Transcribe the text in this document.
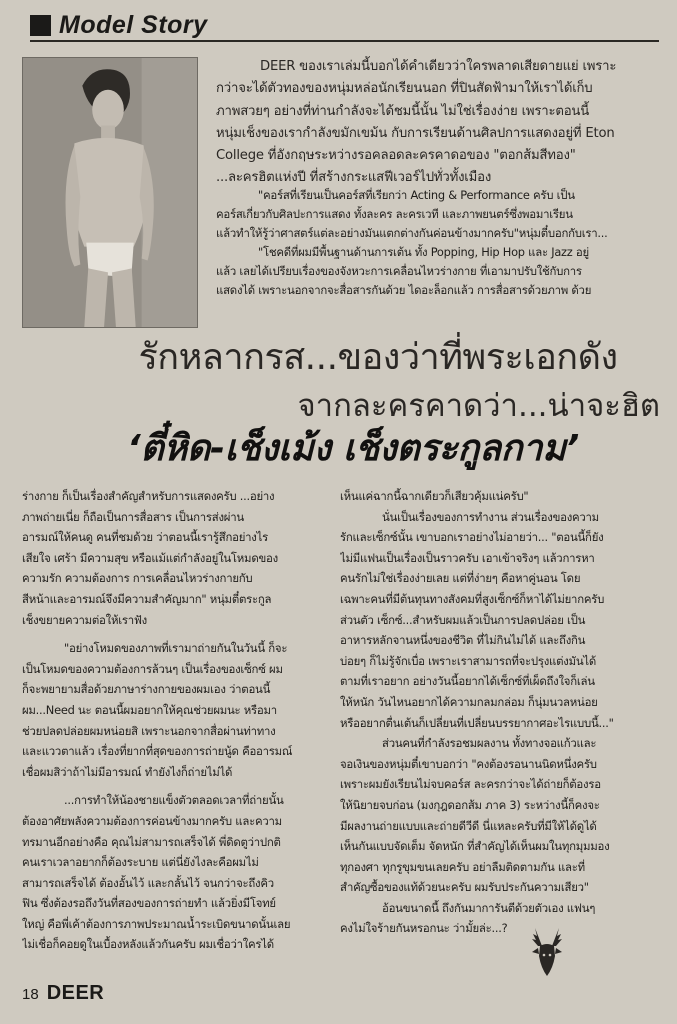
Model Story
DEER ของเราเล่มนี้บอกได้คำเดียวว่าใครพลาดเสียดายแย่ เพราะ
กว่าจะได้ตัวทองของหนุ่มหล่อนักเรียนนอก ที่ปินสัดฟ้ามาให้เราได้เก็บ
ภาพสวยๆ อย่างที่ท่านกำลังจะได้ชมนี้นั้น ไม่ใช่เรื่องง่าย เพราะตอนนี้
หนุ่มเช็งของเรากำลังขมักเขม้น กับการเรียนด้านศิลปการแสดงอยู่ที่ Eton
College ที่อังกฤษระหว่างรอคลอดละครคาดอของ "ตอกส้มสีทอง"
...ละครฮิตแห่งปี ที่สร้างกระแสฟีเวอร์ไปทั่วทั้งเมือง
"คอร์สที่เรียนเป็นคอร์สที่เรียกว่า Acting & Performance ครับ เป็น
คอร์สเกี่ยวกับศิลปะการแสดง ทั้งละคร ละครเวที และภาพยนตร์ซึ่งพอมาเรียน
แล้วทำให้รู้ว่าศาสตร์แต่ละอย่างมันแตกต่างกันค่อนข้างมากครับ"หนุ่มตี๋บอกกับเรา...
"โชคดีที่ผมมีพื้นฐานด้านการเต้น ทั้ง Popping, Hip Hop และ Jazz อยู่
แล้ว เลยได้เปรียบเรื่องของจังหวะการเคลื่อนไหวร่างกาย ที่เอามาปรับใช้กับการ
แสดงได้ เพราะนอกจากจะสื่อสารกันด้วย ไดอะล็อกแล้ว การสื่อสารด้วยภาพ ด้วย
รักหลากรส...ของว่าที่พระเอกดัง
จากละครคาดว่า...น่าจะฮิต
‘ตี๋หิด-เช็งเม้ง เช็งตระกูลกาม’
ร่างกาย ก็เป็นเรื่องสำคัญสำหรับการแสดงครับ ...อย่าง
ภาพถ่ายเนี่ย ก็ถือเป็นการสื่อสาร เป็นการส่งผ่าน
อารมณ์ให้คนดู คนที่ชมด้วย ว่าตอนนี้เรารู้สึกอย่างไร
เสียใจ เศร้า มีความสุข หรือแม้แต่กำลังอยู่ในโหมดของ
ความรัก ความต้องการ การเคลื่อนไหวร่างกายกับ
สีหน้าและอารมณ์จึงมีความสำคัญมาก" หนุ่มตี๋ตระกูล
เช็งขยายความต่อให้เราฟัง
"อย่างโหมดของภาพที่เรามาถ่ายกันในวันนี้ ก็จะ
เป็นโหมดของความต้องการล้วนๆ เป็นเรื่องของเซ็กซ์ ผม
ก็จะพยายามสื่อด้วยภาษาร่างกายของผมเอง ว่าตอนนี้
ผม...Need นะ ตอนนี้ผมอยากให้คุณช่วยผมนะ หรือมา
ช่วยปลดปล่อยผมหน่อยสิ เพราะนอกจากสื่อผ่านท่าทาง
และแววตาแล้ว เรื่องที่ยากที่สุดของการถ่ายนู้ด คืออารมณ์
เชื่อผมสิว่าถ้าไม่มีอารมณ์ ทำยังไงก็ถ่ายไม่ได้
...การทำให้น้องชายแข็งตัวตลอดเวลาที่ถ่ายนั้น
ต้องอาศัยพลังความต้องการค่อนข้างมากครับ และความ
ทรมานอีกอย่างคือ คุณไม่สามารถเสร็จได้ พี่ดิดตูว่าปกติ
คนเราเวลาอยากก็ต้องระบาย แต่นี่ยังไงละคือผมไม่
สามารถเสร็จได้ ต้องอั้นไว้ และกลั้นไว้ จนกว่าจะถึงคิว
ฟิน ซึ่งต้องรอถึงวันที่สองของการถ่ายทำ แล้วยิ่งมีโจทย์
ใหญ่ คือพี่เค้าต้องการภาพประมาณน้ำระเบิดขนาดนั้นเลย
ไม่เชื่อก็คอยดูในเบื้องหลังแล้วกันครับ ผมเชื่อว่าใครได้
เห็นแค่ฉากนี้ฉากเดียวก็เสียวคุ้มแน่ครับ"
นั่นเป็นเรื่องของการทำงาน ส่วนเรื่องของความ
รักและเซ็กซ์นั้น เขาบอกเราอย่างไม่อายว่า... "ตอนนี้ก็ยัง
ไม่มีแฟนเป็นเรื่องเป็นราวครับ เอาเข้าจริงๆ แล้วการหา
คนรักไม่ใช่เรื่องง่ายเลย แต่ที่ง่ายๆ คือหาคู่นอน โดย
เฉพาะคนที่มีต้นทุนทางสังคมที่สูงเซ็กซ์ก็หาได้ไม่ยากครับ
ส่วนตัว เซ็กซ์...สำหรับผมแล้วเป็นการปลดปล่อย เป็น
อาหารหลักจานหนึ่งของชีวิต ที่ไม่กินไม่ได้ และถึงกิน
บ่อยๆ ก็ไม่รู้จักเบื่อ เพราะเราสามารถที่จะปรุงแต่งมันได้
ตามที่เราอยาก อย่างวันนี้อยากได้เซ็กซ์ที่เผ็ดถึงใจก็เล่น
ให้หนัก วันไหนอยากได้ความกลมกล่อม ก็นุ่มนวลหน่อย
หรืออยากตื่นเต้นก็เปลี่ยนที่เปลี่ยนบรรยากาศอะไรแบบนี้..."
ส่วนคนที่กำลังรอชมผลงาน ทั้งทางจอแก้วและ
จอเงินของหนุ่มตี๋เขาบอกว่า "คงต้องรอนานนิดหนึ่งครับ
เพราะผมยังเรียนไม่จบคอร์ส ละครกว่าจะได้ถ่ายก็ต้องรอ
ให้นิยายจบก่อน (มงกุฎดอกส้ม ภาค 3) ระหว่างนี้ก็คงจะ
มีผลงานถ่ายแบบและถ่ายดีวีดี นี่แหละครับที่มีให้ได้ดูได้
เห็นกันแบบจัดเต็ม จัดหนัก ที่สำคัญได้เห็นผมในทุกมุมมอง
ทุกองศา ทุกรูขุมขนเลยครับ อย่าลืมติดตามกัน และที่
สำคัญซื้อของแท้ด้วยนะครับ ผมรับประกันความเสียว"
อ้อนขนาดนี้ ถึงกันมาการันตีด้วยตัวเอง แฟนๆ
คงไม่ใจร้ายกันหรอกนะ ว่ามั้ยล่ะ...?
18 DEER
